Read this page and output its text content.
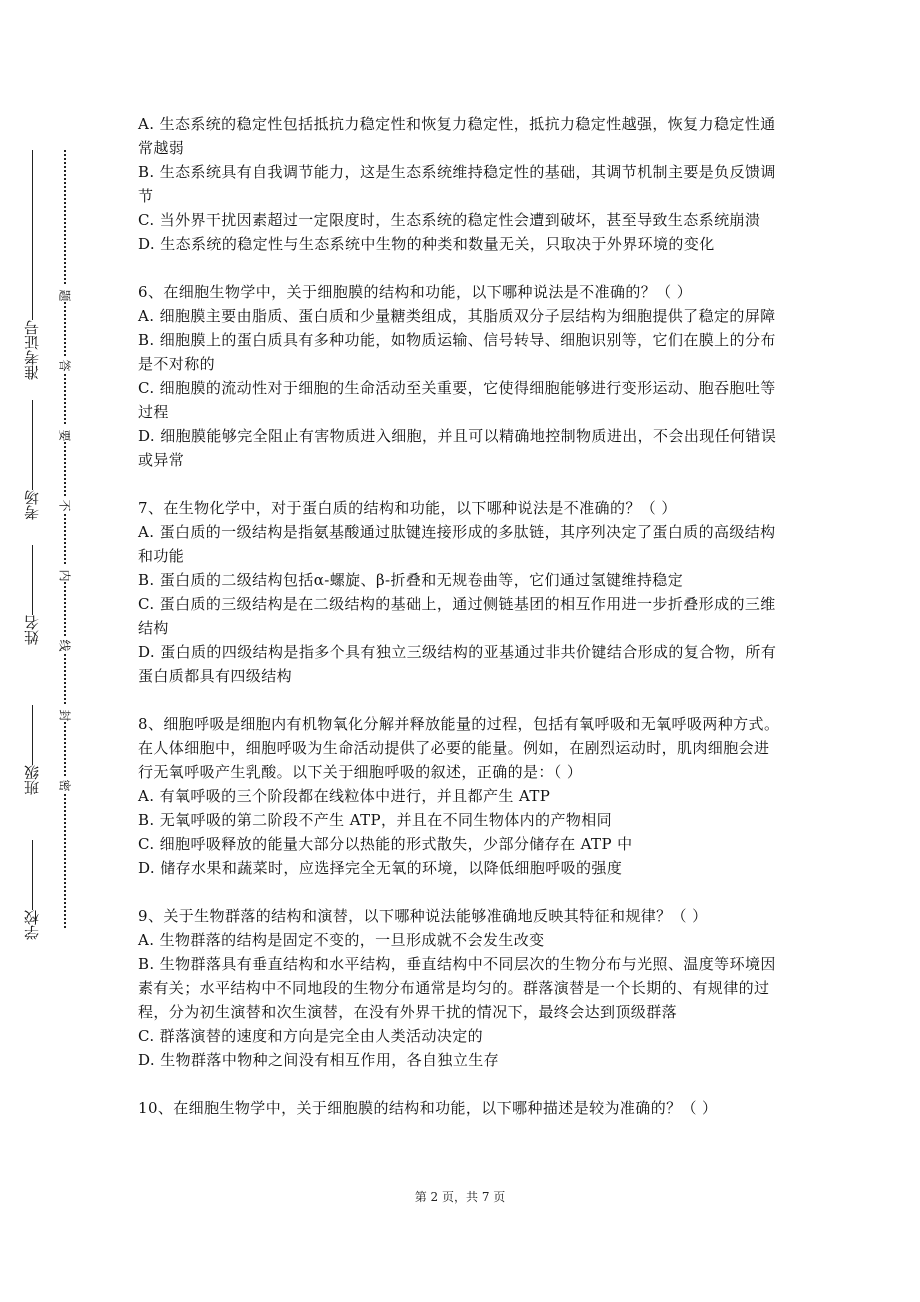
准考证号
考场
姓名
班级
学校
题
答
要
不
内
线
封
密
A. 生态系统的稳定性包括抵抗力稳定性和恢复力稳定性，抵抗力稳定性越强，恢复力稳定性通常越弱
B. 生态系统具有自我调节能力，这是生态系统维持稳定性的基础，其调节机制主要是负反馈调节
C. 当外界干扰因素超过一定限度时，生态系统的稳定性会遭到破坏，甚至导致生态系统崩溃
D. 生态系统的稳定性与生态系统中生物的种类和数量无关，只取决于外界环境的变化
6、在细胞生物学中，关于细胞膜的结构和功能，以下哪种说法是不准确的？（ ）
A. 细胞膜主要由脂质、蛋白质和少量糖类组成，其脂质双分子层结构为细胞提供了稳定的屏障
B. 细胞膜上的蛋白质具有多种功能，如物质运输、信号转导、细胞识别等，它们在膜上的分布是不对称的
C. 细胞膜的流动性对于细胞的生命活动至关重要，它使得细胞能够进行变形运动、胞吞胞吐等过程
D. 细胞膜能够完全阻止有害物质进入细胞，并且可以精确地控制物质进出，不会出现任何错误或异常
7、在生物化学中，对于蛋白质的结构和功能，以下哪种说法是不准确的？（ ）
A. 蛋白质的一级结构是指氨基酸通过肽键连接形成的多肽链，其序列决定了蛋白质的高级结构和功能
B. 蛋白质的二级结构包括α-螺旋、β-折叠和无规卷曲等，它们通过氢键维持稳定
C. 蛋白质的三级结构是在二级结构的基础上，通过侧链基团的相互作用进一步折叠形成的三维结构
D. 蛋白质的四级结构是指多个具有独立三级结构的亚基通过非共价键结合形成的复合物，所有蛋白质都具有四级结构
8、细胞呼吸是细胞内有机物氧化分解并释放能量的过程，包括有氧呼吸和无氧呼吸两种方式。在人体细胞中，细胞呼吸为生命活动提供了必要的能量。例如，在剧烈运动时，肌肉细胞会进行无氧呼吸产生乳酸。以下关于细胞呼吸的叙述，正确的是：（ ）
A. 有氧呼吸的三个阶段都在线粒体中进行，并且都产生 ATP
B. 无氧呼吸的第二阶段不产生 ATP，并且在不同生物体内的产物相同
C. 细胞呼吸释放的能量大部分以热能的形式散失，少部分储存在 ATP 中
D. 储存水果和蔬菜时，应选择完全无氧的环境，以降低细胞呼吸的强度
9、关于生物群落的结构和演替，以下哪种说法能够准确地反映其特征和规律？（ ）
A. 生物群落的结构是固定不变的，一旦形成就不会发生改变
B. 生物群落具有垂直结构和水平结构，垂直结构中不同层次的生物分布与光照、温度等环境因素有关；水平结构中不同地段的生物分布通常是均匀的。群落演替是一个长期的、有规律的过程，分为初生演替和次生演替，在没有外界干扰的情况下，最终会达到顶级群落
C. 群落演替的速度和方向是完全由人类活动决定的
D. 生物群落中物种之间没有相互作用，各自独立生存
10、在细胞生物学中，关于细胞膜的结构和功能，以下哪种描述是较为准确的？（ ）
第 2 页，共 7 页
